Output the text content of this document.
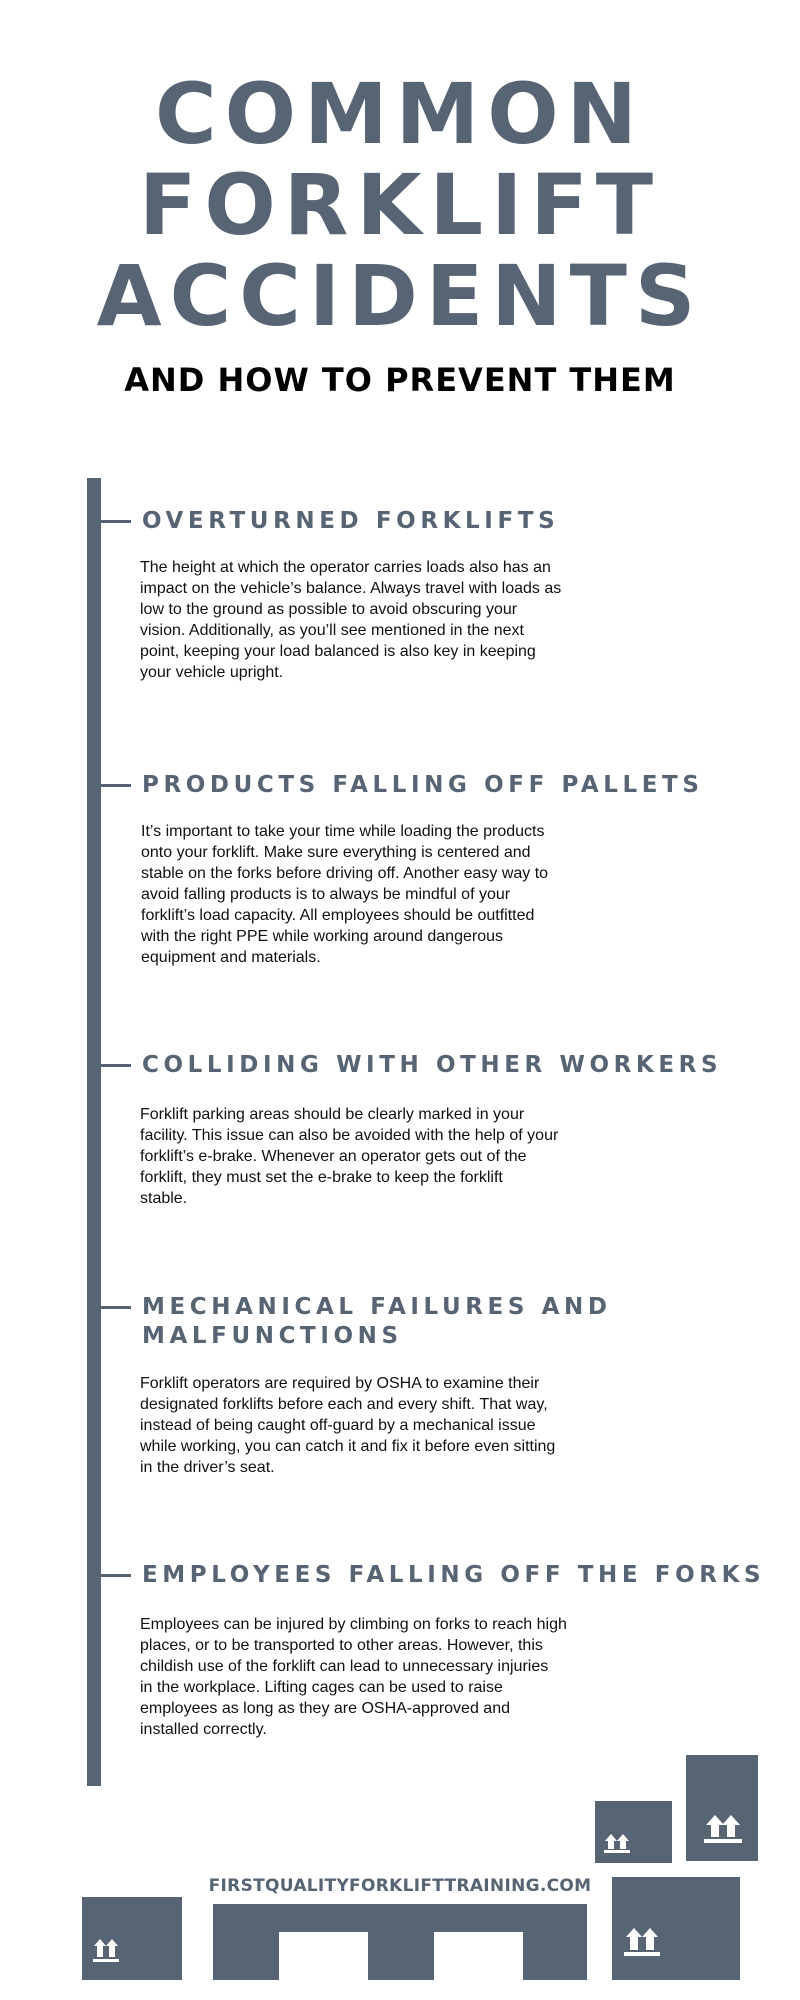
COMMON
FORKLIFT
ACCIDENTS
AND HOW TO PREVENT THEM
OVERTURNED FORKLIFTS
The height at which the operator carries loads also has an
impact on the vehicle’s balance. Always travel with loads as
low to the ground as possible to avoid obscuring your
vision. Additionally, as you’ll see mentioned in the next
point, keeping your load balanced is also key in keeping
your vehicle upright.
PRODUCTS FALLING OFF PALLETS
It’s important to take your time while loading the products
onto your forklift. Make sure everything is centered and
stable on the forks before driving off. Another easy way to
avoid falling products is to always be mindful of your
forklift’s load capacity. All employees should be outfitted
with the right PPE while working around dangerous
equipment and materials.
COLLIDING WITH OTHER WORKERS
Forklift parking areas should be clearly marked in your
facility. This issue can also be avoided with the help of your
forklift’s e-brake. Whenever an operator gets out of the
forklift, they must set the e-brake to keep the forklift
stable.
MECHANICAL FAILURES AND
MALFUNCTIONS
Forklift operators are required by OSHA to examine their
designated forklifts before each and every shift. That way,
instead of being caught off-guard by a mechanical issue
while working, you can catch it and fix it before even sitting
in the driver’s seat.
EMPLOYEES FALLING OFF THE FORKS
Employees can be injured by climbing on forks to reach high
places, or to be transported to other areas. However, this
childish use of the forklift can lead to unnecessary injuries
in the workplace. Lifting cages can be used to raise
employees as long as they are OSHA-approved and
installed correctly.
FIRSTQUALITYFORKLIFTTRAINING.COM
